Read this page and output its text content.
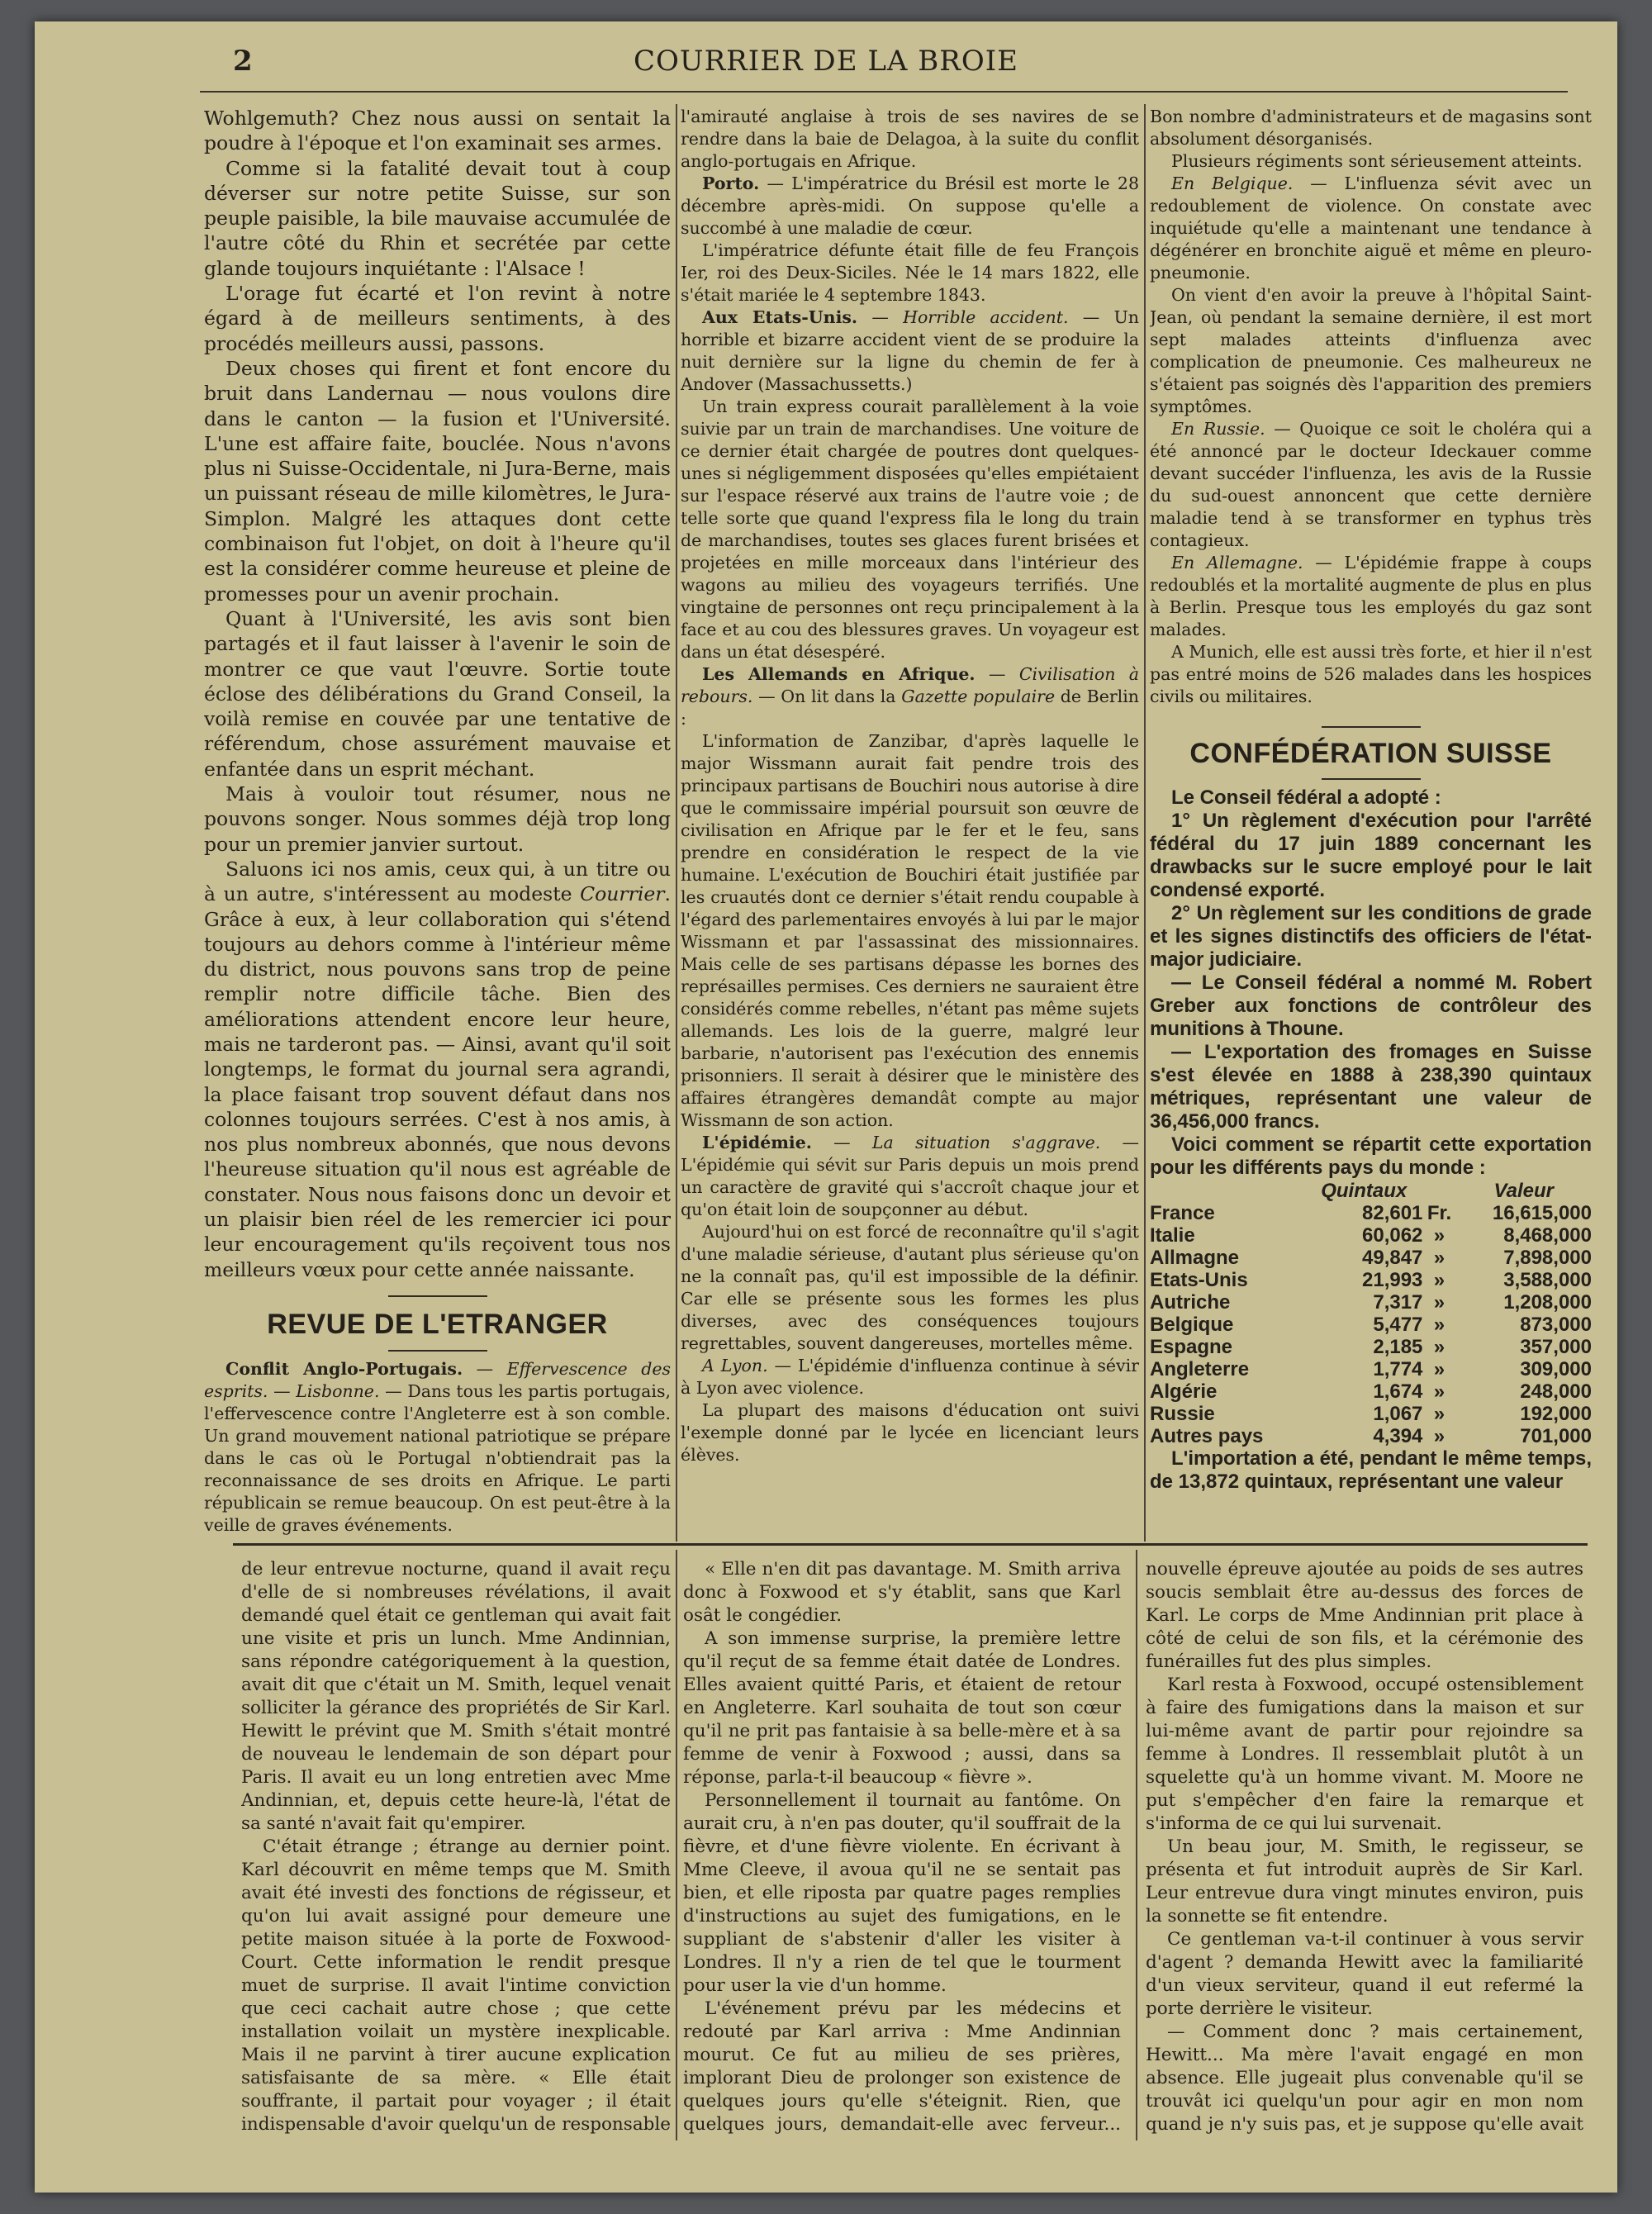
2	COURRIER DE LA BROIE

Wohlgemuth? Chez nous aussi on sentait la poudre à l'époque et l'on examinait ses armes.

Comme si la fatalité devait tout à coup déverser sur notre petite Suisse, sur son peuple paisible, la bile mauvaise accumulée de l'autre côté du Rhin et secrétée par cette glande toujours inquiétante : l'Alsace !

L'orage fut écarté et l'on revint à notre égard à de meilleurs sentiments, à des procédés meilleurs aussi, passons.

Deux choses qui firent et font encore du bruit dans Landernau — nous voulons dire dans le canton — la fusion et l'Université. L'une est affaire faite, bouclée. Nous n'avons plus ni Suisse-Occidentale, ni Jura-Berne, mais un puissant réseau de mille kilomètres, le Jura-Simplon. Malgré les attaques dont cette combinaison fut l'objet, on doit à l'heure qu'il est la considérer comme heureuse et pleine de promesses pour un avenir prochain.

Quant à l'Université, les avis sont bien partagés et il faut laisser à l'avenir le soin de montrer ce que vaut l'œuvre. Sortie toute éclose des délibérations du Grand Conseil, la voilà remise en couvée par une tentative de référendum, chose assurément mauvaise et enfantée dans un esprit méchant.

Mais à vouloir tout résumer, nous ne pouvons songer. Nous sommes déjà trop long pour un premier janvier surtout.

Saluons ici nos amis, ceux qui, à un titre ou à un autre, s'intéressent au modeste Courrier. Grâce à eux, à leur collaboration qui s'étend toujours au dehors comme à l'intérieur même du district, nous pouvons sans trop de peine remplir notre difficile tâche. Bien des améliorations attendent encore leur heure, mais ne tarderont pas. — Ainsi, avant qu'il soit longtemps, le format du journal sera agrandi, la place faisant trop souvent défaut dans nos colonnes toujours serrées. C'est à nos amis, à nos plus nombreux abonnés, que nous devons l'heureuse situation qu'il nous est agréable de constater. Nous nous faisons donc un devoir et un plaisir bien réel de les remercier ici pour leur encouragement qu'ils reçoivent tous nos meilleurs vœux pour cette année naissante.

REVUE DE L'ETRANGER

Conflit Anglo-Portugais. — Effervescence des esprits. — Lisbonne. — Dans tous les partis portugais, l'effervescence contre l'Angleterre est à son comble. Un grand mouvement national patriotique se prépare dans le cas où le Portugal n'obtiendrait pas la reconnaissance de ses droits en Afrique. Le parti républicain se remue beaucoup. On est peut-être à la veille de graves événements.

l'amirauté anglaise à trois de ses navires de se rendre dans la baie de Delagoa, à la suite du conflit anglo-portugais en Afrique.

Porto. — L'impératrice du Brésil est morte le 28 décembre après-midi. On suppose qu'elle a succombé à une maladie de cœur.

L'impératrice défunte était fille de feu François Ier, roi des Deux-Siciles. Née le 14 mars 1822, elle s'était mariée le 4 septembre 1843.

Aux Etats-Unis. — Horrible accident. — Un horrible et bizarre accident vient de se produire la nuit dernière sur la ligne du chemin de fer à Andover (Massachussetts.)

Un train express courait parallèlement à la voie suivie par un train de marchandises. Une voiture de ce dernier était chargée de poutres dont quelques-unes si négligemment disposées qu'elles empiétaient sur l'espace réservé aux trains de l'autre voie ; de telle sorte que quand l'express fila le long du train de marchandises, toutes ses glaces furent brisées et projetées en mille morceaux dans l'intérieur des wagons au milieu des voyageurs terrifiés. Une vingtaine de personnes ont reçu principalement à la face et au cou des blessures graves. Un voyageur est dans un état désespéré.

Les Allemands en Afrique. — Civilisation à rebours. — On lit dans la Gazette populaire de Berlin :

L'information de Zanzibar, d'après laquelle le major Wissmann aurait fait pendre trois des principaux partisans de Bouchiri nous autorise à dire que le commissaire impérial poursuit son œuvre de civilisation en Afrique par le fer et le feu, sans prendre en considération le respect de la vie humaine. L'exécution de Bouchiri était justifiée par les cruautés dont ce dernier s'était rendu coupable à l'égard des parlementaires envoyés à lui par le major Wissmann et par l'assassinat des missionnaires. Mais celle de ses partisans dépasse les bornes des représailles permises. Ces derniers ne sauraient être considérés comme rebelles, n'étant pas même sujets allemands. Les lois de la guerre, malgré leur barbarie, n'autorisent pas l'exécution des ennemis prisonniers. Il serait à désirer que le ministère des affaires étrangères demandât compte au major Wissmann de son action.

L'épidémie. — La situation s'aggrave. — L'épidémie qui sévit sur Paris depuis un mois prend un caractère de gravité qui s'accroît chaque jour et qu'on était loin de soupçonner au début.

Aujourd'hui on est forcé de reconnaître qu'il s'agit d'une maladie sérieuse, d'autant plus sérieuse qu'on ne la connaît pas, qu'il est impossible de la définir. Car elle se présente sous les formes les plus diverses, avec des conséquences toujours regrettables, souvent dangereuses, mortelles même.

A Lyon. — L'épidémie d'influenza continue à sévir à Lyon avec violence.

La plupart des maisons d'éducation ont suivi l'exemple donné par le lycée en licenciant leurs élèves.

Bon nombre d'administrateurs et de magasins sont absolument désorganisés.

Plusieurs régiments sont sérieusement atteints.

En Belgique. — L'influenza sévit avec un redoublement de violence. On constate avec inquiétude qu'elle a maintenant une tendance à dégénérer en bronchite aiguë et même en pleuro-pneumonie.

On vient d'en avoir la preuve à l'hôpital Saint-Jean, où pendant la semaine dernière, il est mort sept malades atteints d'influenza avec complication de pneumonie. Ces malheureux ne s'étaient pas soignés dès l'apparition des premiers symptômes.

En Russie. — Quoique ce soit le choléra qui a été annoncé par le docteur Ideckauer comme devant succéder l'influenza, les avis de la Russie du sud-ouest annoncent que cette dernière maladie tend à se transformer en typhus très contagieux.

En Allemagne. — L'épidémie frappe à coups redoublés et la mortalité augmente de plus en plus à Berlin. Presque tous les employés du gaz sont malades.

A Munich, elle est aussi très forte, et hier il n'est pas entré moins de 526 malades dans les hospices civils ou militaires.

CONFÉDÉRATION SUISSE

Le Conseil fédéral a adopté :

1° Un règlement d'exécution pour l'arrêté fédéral du 17 juin 1889 concernant les drawbacks sur le sucre employé pour le lait condensé exporté.

2° Un règlement sur les conditions de grade et les signes distinctifs des officiers de l'état-major judiciaire.

— Le Conseil fédéral a nommé M. Robert Greber aux fonctions de contrôleur des munitions à Thoune.

— L'exportation des fromages en Suisse s'est élevée en 1888 à 238,390 quintaux métriques, représentant une valeur de 36,456,000 francs.

Voici comment se répartit cette exportation pour les différents pays du monde :

	Quintaux		Valeur
France	82,601	Fr.	16,615,000
Italie	60,062	»	8,468,000
Allmagne	49,847	»	7,898,000
Etats-Unis	21,993	»	3,588,000
Autriche	7,317	»	1,208,000
Belgique	5,477	»	873,000
Espagne	2,185	»	357,000
Angleterre	1,774	»	309,000
Algérie	1,674	»	248,000
Russie	1,067	»	192,000
Autres pays	4,394	»	701,000

L'importation a été, pendant le même temps, de 13,872 quintaux, représentant une valeur

de leur entrevue nocturne, quand il avait reçu d'elle de si nombreuses révélations, il avait demandé quel était ce gentleman qui avait fait une visite et pris un lunch. Mme Andinnian, sans répondre catégoriquement à la question, avait dit que c'était un M. Smith, lequel venait solliciter la gérance des propriétés de Sir Karl. Hewitt le prévint que M. Smith s'était montré de nouveau le lendemain de son départ pour Paris. Il avait eu un long entretien avec Mme Andinnian, et, depuis cette heure-là, l'état de sa santé n'avait fait qu'empirer.

C'était étrange ; étrange au dernier point. Karl découvrit en même temps que M. Smith avait été investi des fonctions de régisseur, et qu'on lui avait assigné pour demeure une petite maison située à la porte de Foxwood-Court. Cette information le rendit presque muet de surprise. Il avait l'intime conviction que ceci cachait autre chose ; que cette installation voilait un mystère inexplicable. Mais il ne parvint à tirer aucune explication satisfaisante de sa mère. « Elle était souffrante, il partait pour voyager ; il était indispensable d'avoir quelqu'un de responsable

« Elle n'en dit pas davantage. M. Smith arriva donc à Foxwood et s'y établit, sans que Karl osât le congédier.

A son immense surprise, la première lettre qu'il reçut de sa femme était datée de Londres. Elles avaient quitté Paris, et étaient de retour en Angleterre. Karl souhaita de tout son cœur qu'il ne prit pas fantaisie à sa belle-mère et à sa femme de venir à Foxwood ; aussi, dans sa réponse, parla-t-il beaucoup « fièvre ».

Personnellement il tournait au fantôme. On aurait cru, à n'en pas douter, qu'il souffrait de la fièvre, et d'une fièvre violente. En écrivant à Mme Cleeve, il avoua qu'il ne se sentait pas bien, et elle riposta par quatre pages remplies d'instructions au sujet des fumigations, en le suppliant de s'abstenir d'aller les visiter à Londres. Il n'y a rien de tel que le tourment pour user la vie d'un homme.

L'événement prévu par les médecins et redouté par Karl arriva : Mme Andinnian mourut. Ce fut au milieu de ses prières, implorant Dieu de prolonger son existence de quelques jours qu'elle s'éteignit. Rien, que quelques jours, demandait-elle avec ferveur...

nouvelle épreuve ajoutée au poids de ses autres soucis semblait être au-dessus des forces de Karl. Le corps de Mme Andinnian prit place à côté de celui de son fils, et la cérémonie des funérailles fut des plus simples.

Karl resta à Foxwood, occupé ostensiblement à faire des fumigations dans la maison et sur lui-même avant de partir pour rejoindre sa femme à Londres. Il ressemblait plutôt à un squelette qu'à un homme vivant. M. Moore ne put s'empêcher d'en faire la remarque et s'informa de ce qui lui survenait.

Un beau jour, M. Smith, le regisseur, se présenta et fut introduit auprès de Sir Karl. Leur entrevue dura vingt minutes environ, puis la sonnette se fit entendre.

Ce gentleman va-t-il continuer à vous servir d'agent ? demanda Hewitt avec la familiarité d'un vieux serviteur, quand il eut refermé la porte derrière le visiteur.

— Comment donc ? mais certainement, Hewitt... Ma mère l'avait engagé en mon absence. Elle jugeait plus convenable qu'il se trouvât ici quelqu'un pour agir en mon nom quand je n'y suis pas, et je suppose qu'elle avait
